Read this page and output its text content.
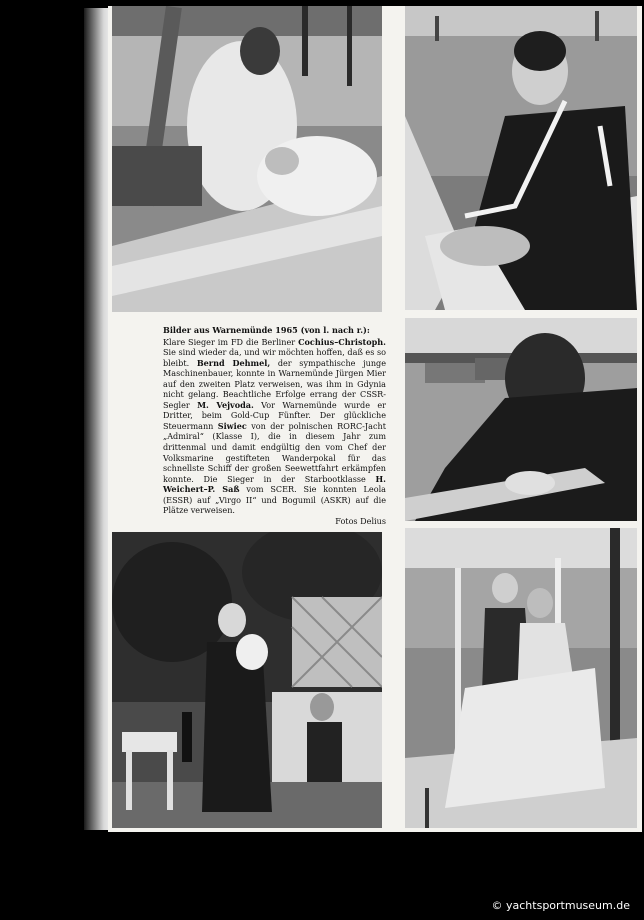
Bilder aus Warnemünde 1965 (von l. nach r.):

Klare Sieger im FD die Berliner Cochius–Christoph. Sie sind wieder da, und wir möchten hoffen, daß es so bleibt. Bernd Dehmel, der sympathische junge Maschinenbauer, konnte in Warnemünde Jürgen Mier auf den zweiten Platz verweisen, was ihm in Gdynia nicht gelang. Beachtliche Erfolge errang der CSSR-Segler M. Vejvoda. Vor Warnemünde wurde er Dritter, beim Gold-Cup Fünfter. Der glückliche Steuermann Siwiec von der polnischen RORC-Jacht „Admiral“ (Klasse I), die in diesem Jahr zum drittenmal und damit endgültig den vom Chef der Volksmarine gestifteten Wanderpokal für das schnellste Schiff der großen Seewettfahrt erkämpfen konnte. Die Sieger in der Starbootklasse H. Weichert–P. Saß vom SCER. Sie konnten Leola (ESSR) auf „Virgo II“ und Bogumil (ASKR) auf die Plätze verweisen.

Fotos Delius

© yachtsportmuseum.de
